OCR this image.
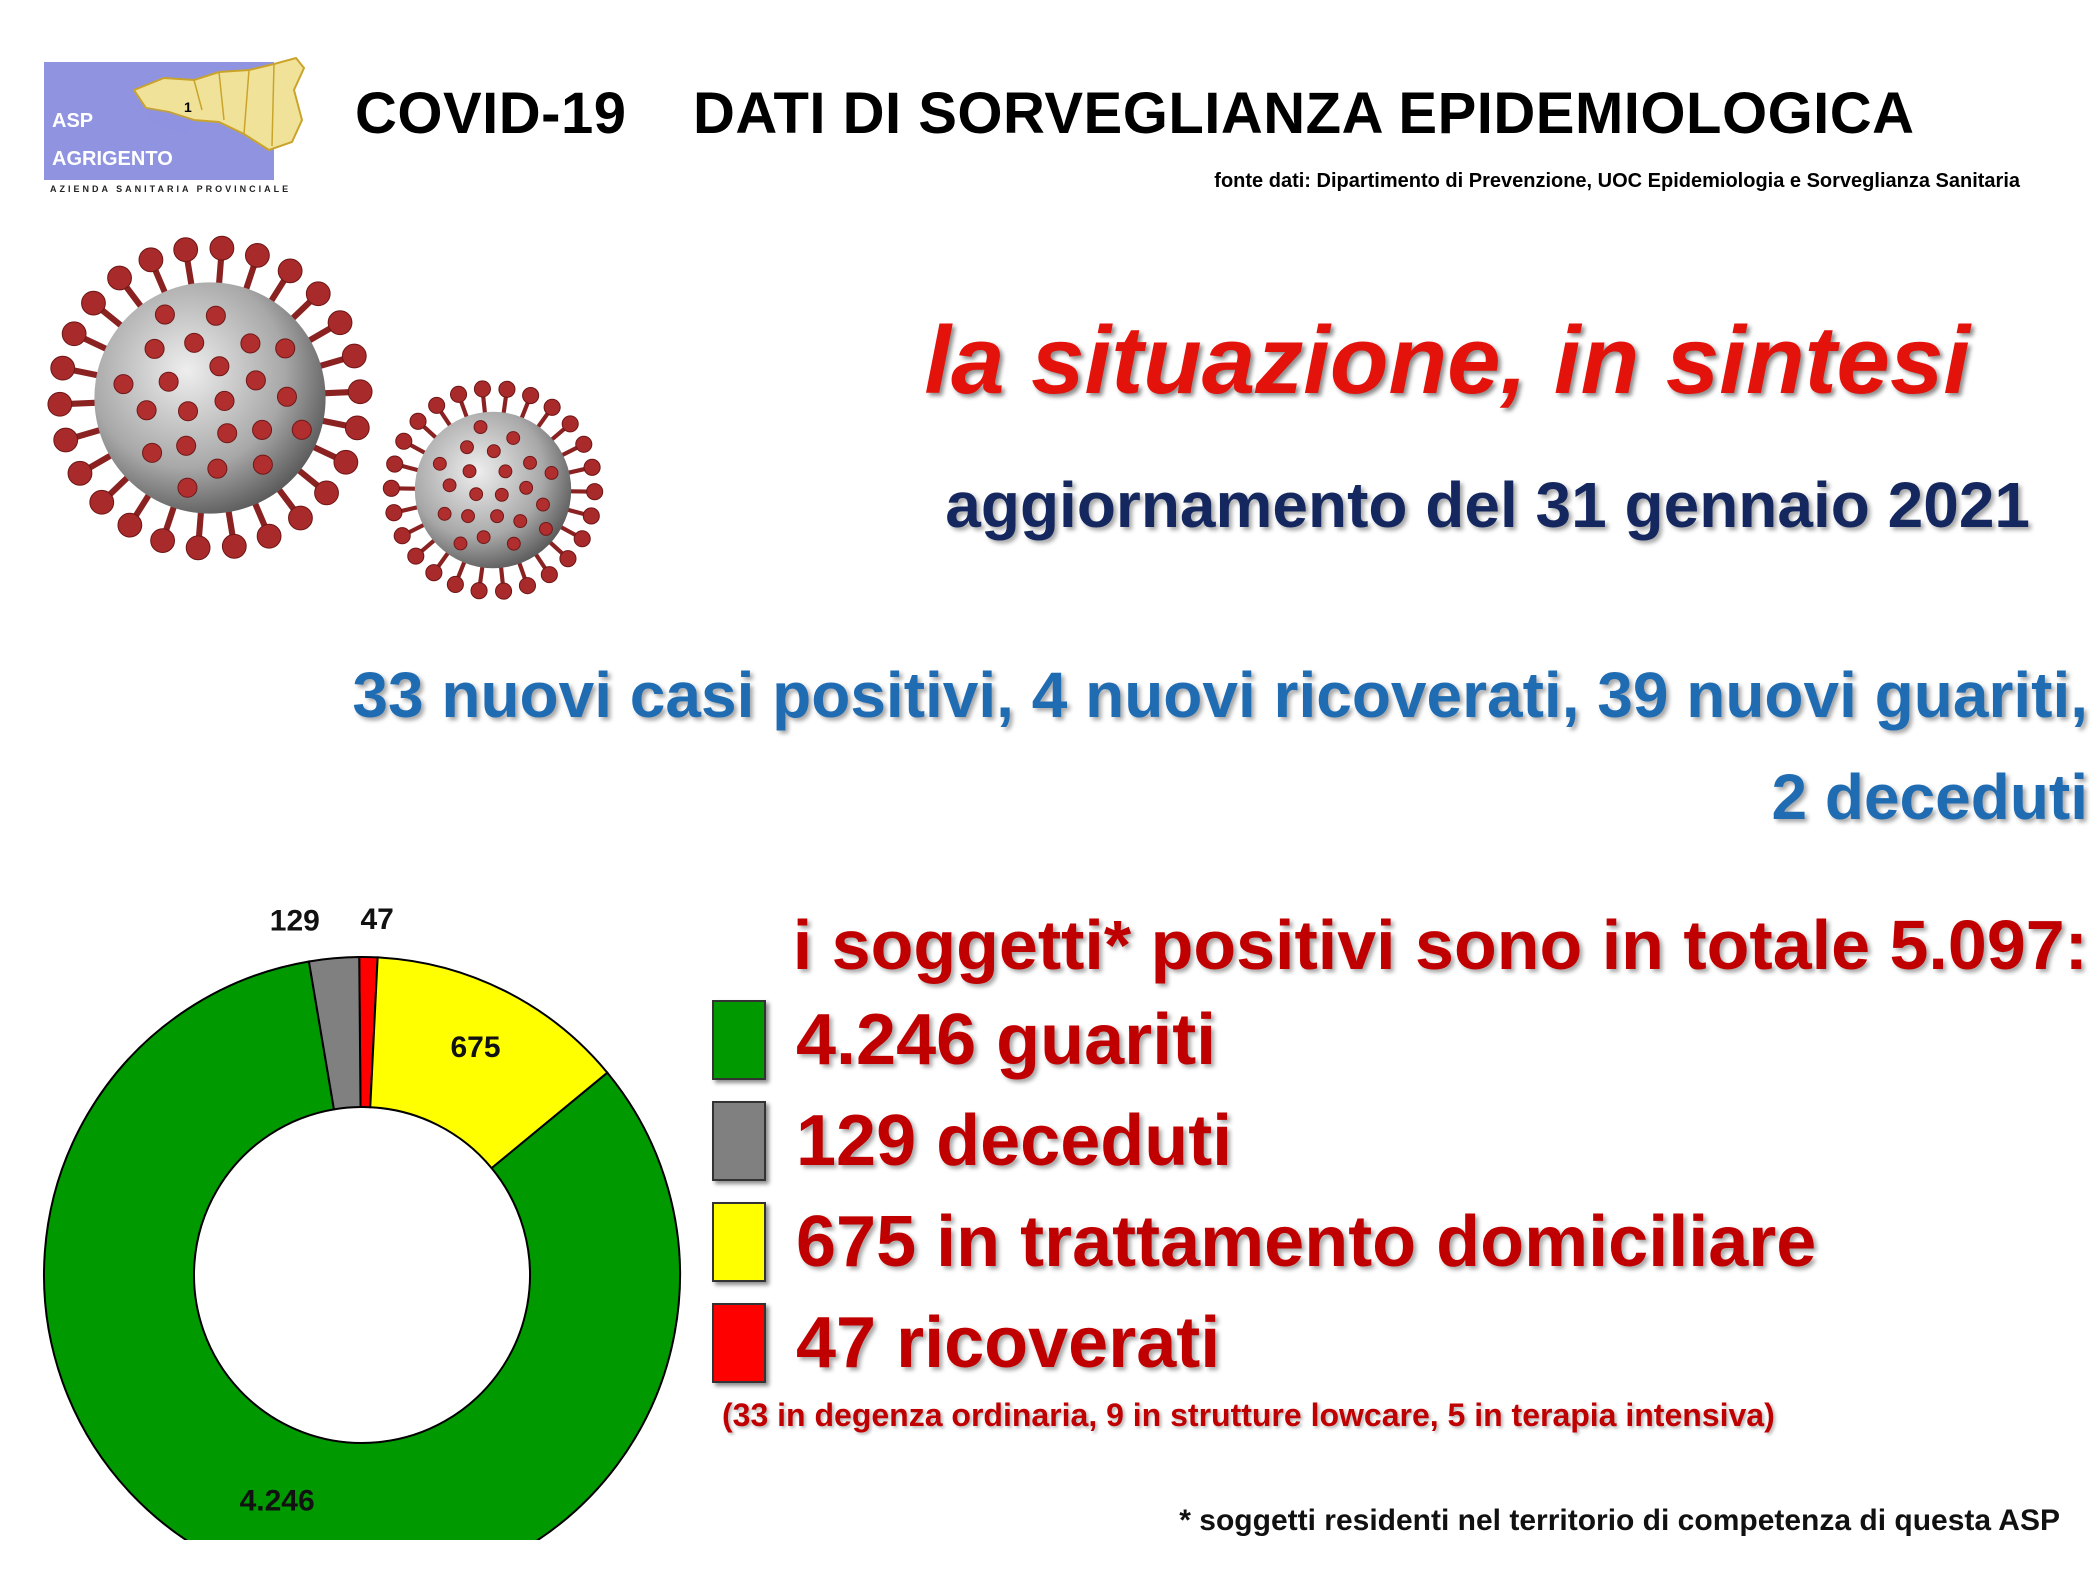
1
ASP
AGRIGENTO
AZIENDA SANITARIA PROVINCIALE
COVID-19    DATI DI SORVEGLIANZA EPIDEMIOLOGICA
fonte dati: Dipartimento di Prevenzione, UOC Epidemiologia e Sorveglianza Sanitaria
la situazione, in sintesi
aggiornamento del 31 gennaio 2021
33 nuovi casi positivi, 4 nuovi ricoverati, 39 nuovi guariti,
2 deceduti
i soggetti* positivi sono in totale 5.097:
4.246 guariti
129 deceduti
675 in trattamento domiciliare
47 ricoverati
(33 in degenza ordinaria, 9 in strutture lowcare, 5 in terapia intensiva)
* soggetti residenti nel territorio di competenza di questa ASP
4.246
129
675
47
